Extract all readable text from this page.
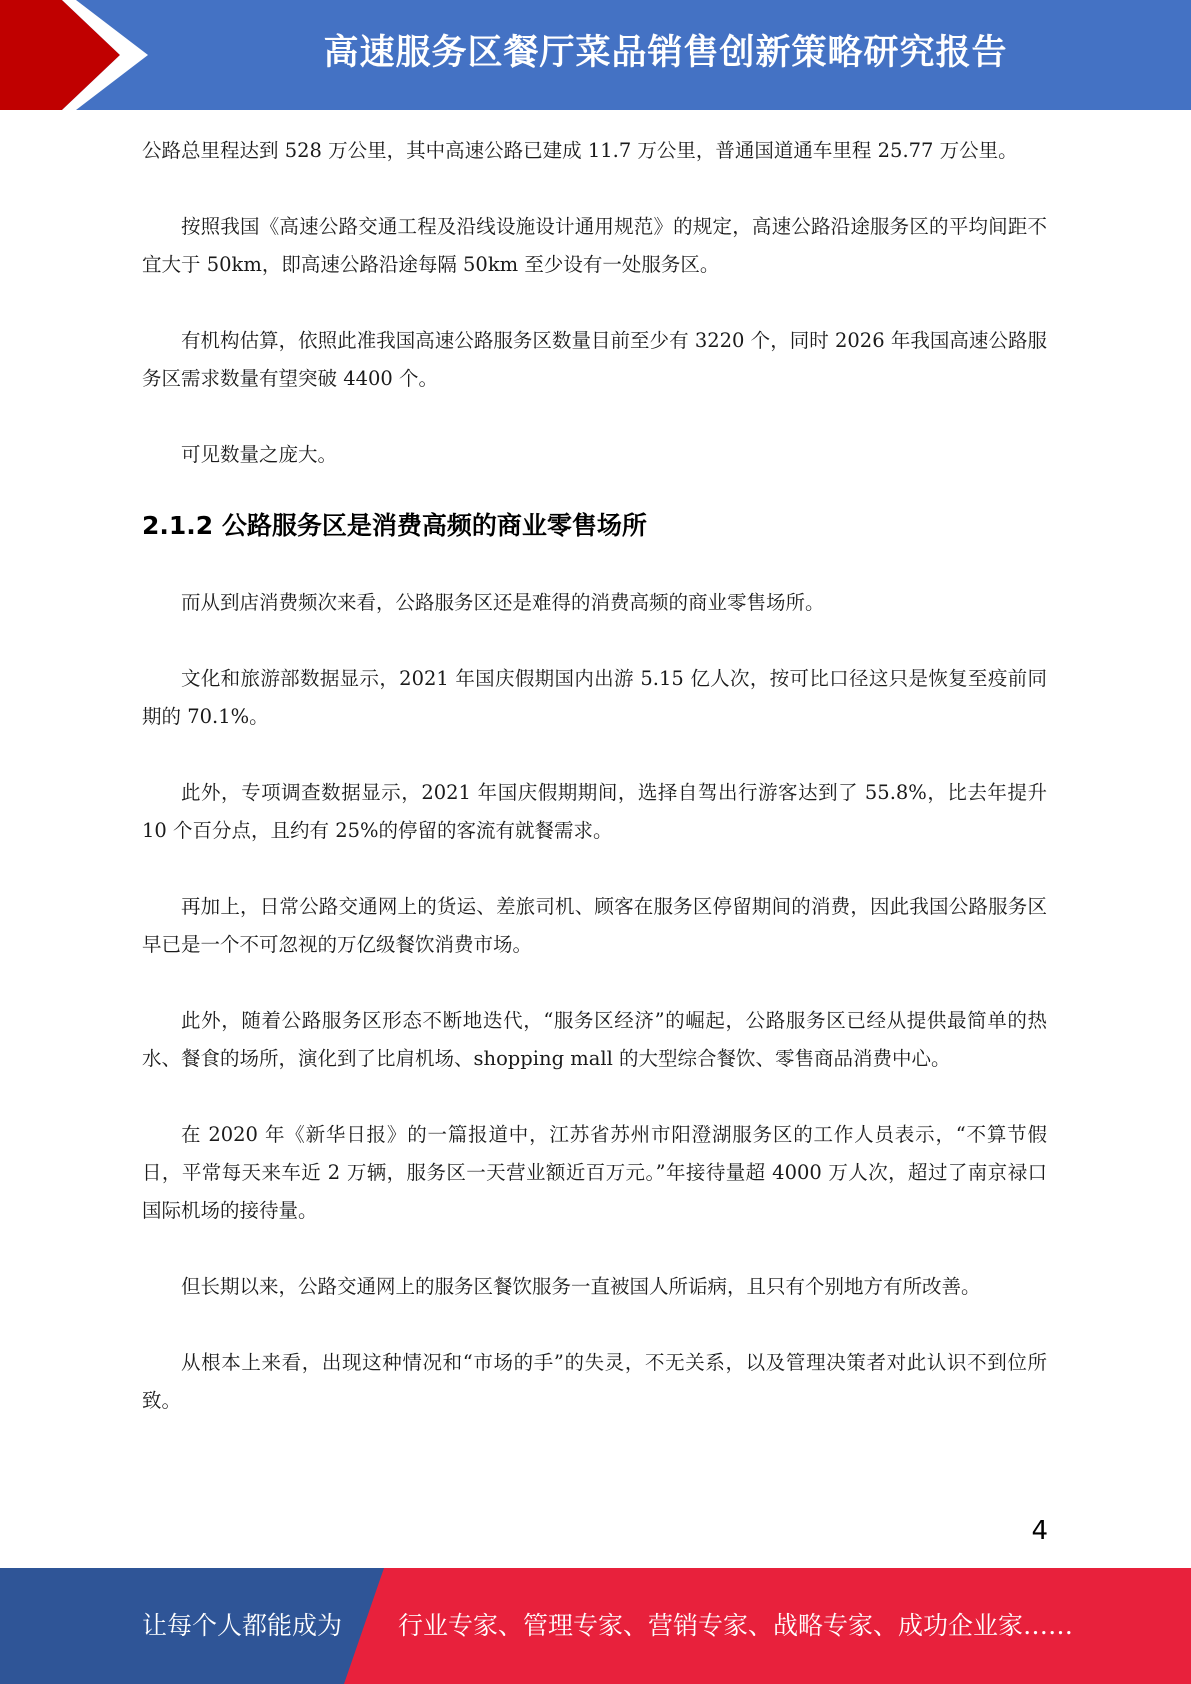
高速服务区餐厅菜品销售创新策略研究报告

公路总里程达到 528 万公里，其中高速公路已建成 11.7 万公里，普通国道通车里程 25.77 万公里。

按照我国《高速公路交通工程及沿线设施设计通用规范》的规定，高速公路沿途服务区的平均间距不宜大于 50km，即高速公路沿途每隔 50km 至少设有一处服务区。

有机构估算，依照此准我国高速公路服务区数量目前至少有 3220 个，同时 2026 年我国高速公路服务区需求数量有望突破 4400 个。

可见数量之庞大。

2.1.2 公路服务区是消费高频的商业零售场所

而从到店消费频次来看，公路服务区还是难得的消费高频的商业零售场所。

文化和旅游部数据显示，2021 年国庆假期国内出游 5.15 亿人次，按可比口径这只是恢复至疫前同期的 70.1%。

此外，专项调查数据显示，2021 年国庆假期期间，选择自驾出行游客达到了 55.8%，比去年提升 10 个百分点，且约有 25%的停留的客流有就餐需求。

再加上，日常公路交通网上的货运、差旅司机、顾客在服务区停留期间的消费，因此我国公路服务区早已是一个不可忽视的万亿级餐饮消费市场。

此外，随着公路服务区形态不断地迭代，“服务区经济”的崛起，公路服务区已经从提供最简单的热水、餐食的场所，演化到了比肩机场、shopping mall 的大型综合餐饮、零售商品消费中心。

在 2020 年《新华日报》的一篇报道中，江苏省苏州市阳澄湖服务区的工作人员表示，“不算节假日，平常每天来车近 2 万辆，服务区一天营业额近百万元。”年接待量超 4000 万人次，超过了南京禄口国际机场的接待量。

但长期以来，公路交通网上的服务区餐饮服务一直被国人所诟病，且只有个别地方有所改善。

从根本上来看，出现这种情况和“市场的手”的失灵，不无关系，以及管理决策者对此认识不到位所致。

4
让每个人都能成为 行业专家、管理专家、营销专家、战略专家、成功企业家……
